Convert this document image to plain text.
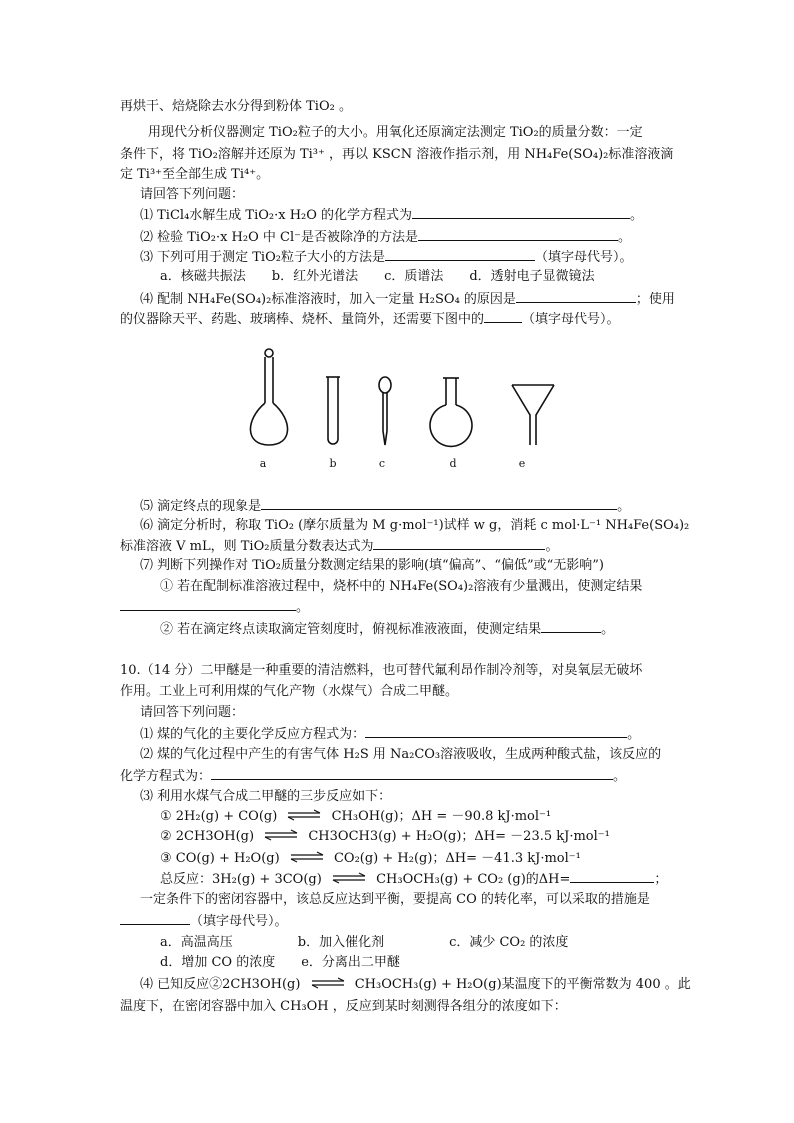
再烘干、焙烧除去水分得到粉体 TiO₂ 。
用现代分析仪器测定 TiO₂粒子的大小。用氧化还原滴定法测定 TiO₂的质量分数：一定
条件下，将 TiO₂溶解并还原为 Ti³⁺ ，再以 KSCN 溶液作指示剂，用 NH₄Fe(SO₄)₂标准溶液滴
定 Ti³⁺至全部生成 Ti⁴⁺。
请回答下列问题：
⑴ TiCl₄水解生成 TiO₂·x H₂O 的化学方程式为	。
⑵ 检验 TiO₂·x H₂O 中 Cl⁻是否被除净的方法是	。
⑶ 下列可用于测定 TiO₂粒子大小的方法是	（填字母代号）。
a．核磁共振法　　b．红外光谱法　　c．质谱法　　d．透射电子显微镜法
⑷ 配制 NH₄Fe(SO₄)₂标准溶液时，加入一定量 H₂SO₄ 的原因是	；使用
的仪器除天平、药匙、玻璃棒、烧杯、量筒外，还需要下图中的	（填字母代号）。
a	b	c	d	e
⑸ 滴定终点的现象是	。
⑹ 滴定分析时，称取 TiO₂ (摩尔质量为 M g·mol⁻¹)试样 w g，消耗 c mol·L⁻¹ NH₄Fe(SO₄)₂
标准溶液 V mL，则 TiO₂质量分数表达式为	。
⑺ 判断下列操作对 TiO₂质量分数测定结果的影响(填“偏高”、“偏低”或“无影响”)
① 若在配制标准溶液过程中，烧杯中的 NH₄Fe(SO₄)₂溶液有少量溅出，使测定结果
。
② 若在滴定终点读取滴定管刻度时，俯视标准液液面，使测定结果	。
10.（14 分）二甲醚是一种重要的清洁燃料，也可替代氟利昂作制冷剂等，对臭氧层无破坏
作用。工业上可利用煤的气化产物（水煤气）合成二甲醚。
请回答下列问题：
⑴ 煤的气化的主要化学反应方程式为：	。
⑵ 煤的气化过程中产生的有害气体 H₂S 用 Na₂CO₃溶液吸收，生成两种酸式盐，该反应的
化学方程式为：	。
⑶ 利用水煤气合成二甲醚的三步反应如下：
① 2H₂(g) + CO(g) ⇌ CH₃OH(g)；ΔH = －90.8 kJ·mol⁻¹
② 2CH3OH(g) ⇌ CH3OCH3(g) + H₂O(g)；ΔH= －23.5 kJ·mol⁻¹
③ CO(g) + H₂O(g) ⇌ CO₂(g) + H₂(g)；ΔH= －41.3 kJ·mol⁻¹
总反应：3H₂(g) + 3CO(g) ⇌ CH₃OCH₃(g) + CO₂ (g)的ΔH=	；
一定条件下的密闭容器中，该总反应达到平衡，要提高 CO 的转化率，可以采取的措施是
（填字母代号）。
a．高温高压　　　　　b．加入催化剂　　　　　c．减少 CO₂ 的浓度
d．增加 CO 的浓度　　e．分离出二甲醚
⑷ 已知反应②2CH3OH(g) ⇌ CH₃OCH₃(g) + H₂O(g)某温度下的平衡常数为 400 。此
温度下，在密闭容器中加入 CH₃OH ，反应到某时刻测得各组分的浓度如下：
